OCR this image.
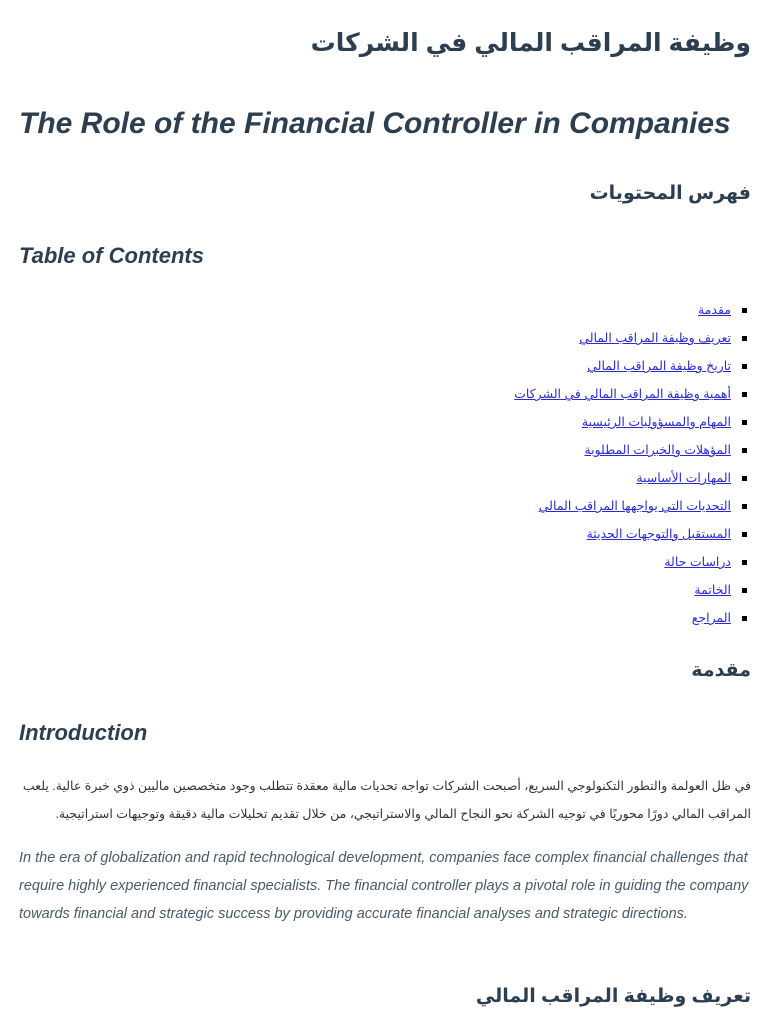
وظيفة المراقب المالي في الشركات
The Role of the Financial Controller in Companies
فهرس المحتويات
Table of Contents
مقدمة
تعريف وظيفة المراقب المالي
تاريخ وظيفة المراقب المالي
أهمية وظيفة المراقب المالي في الشركات
المهام والمسؤوليات الرئيسية
المؤهلات والخبرات المطلوبة
المهارات الأساسية
التحديات التي يواجهها المراقب المالي
المستقبل والتوجهات الحديثة
دراسات حالة
الخاتمة
المراجع
مقدمة
Introduction

في ظل العولمة والتطور التكنولوجي السريع، أصبحت الشركات تواجه تحديات مالية معقدة تتطلب وجود متخصصين ماليين ذوي خبرة عالية. يلعب المراقب المالي دورًا محوريًا في توجيه الشركة نحو النجاح المالي والاستراتيجي، من خلال تقديم تحليلات مالية دقيقة وتوجيهات استراتيجية.

In the era of globalization and rapid technological development, companies face complex financial challenges that require highly experienced financial specialists. The financial controller plays a pivotal role in guiding the company towards financial and strategic success by providing accurate financial analyses and strategic directions.

تعريف وظيفة المراقب المالي
